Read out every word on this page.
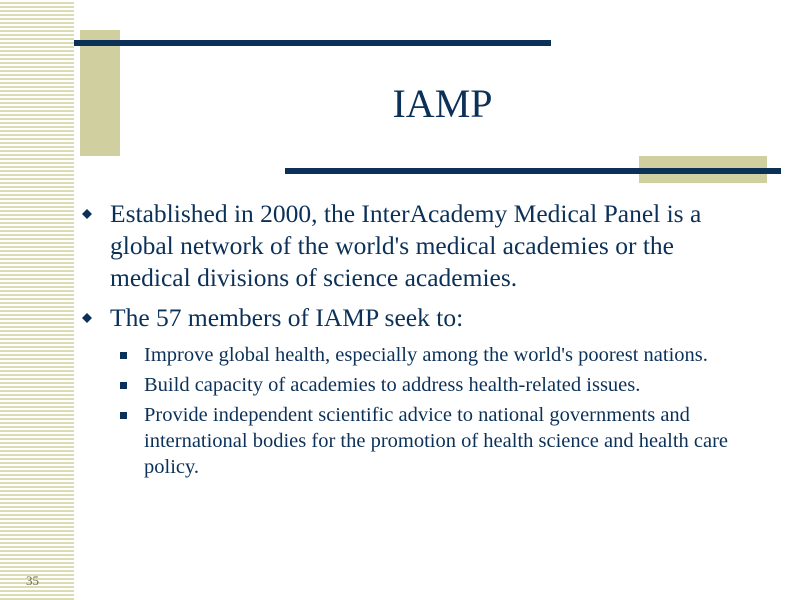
IAMP
Established in 2000, the InterAcademy Medical Panel is a global network of the world's medical academies or the medical divisions of science academies.
The 57 members of IAMP seek to:
Improve global health, especially among the world's poorest nations.
Build capacity of academies to address health-related issues.
Provide independent scientific advice to national governments and international bodies for the promotion of health science and health care policy.
35
